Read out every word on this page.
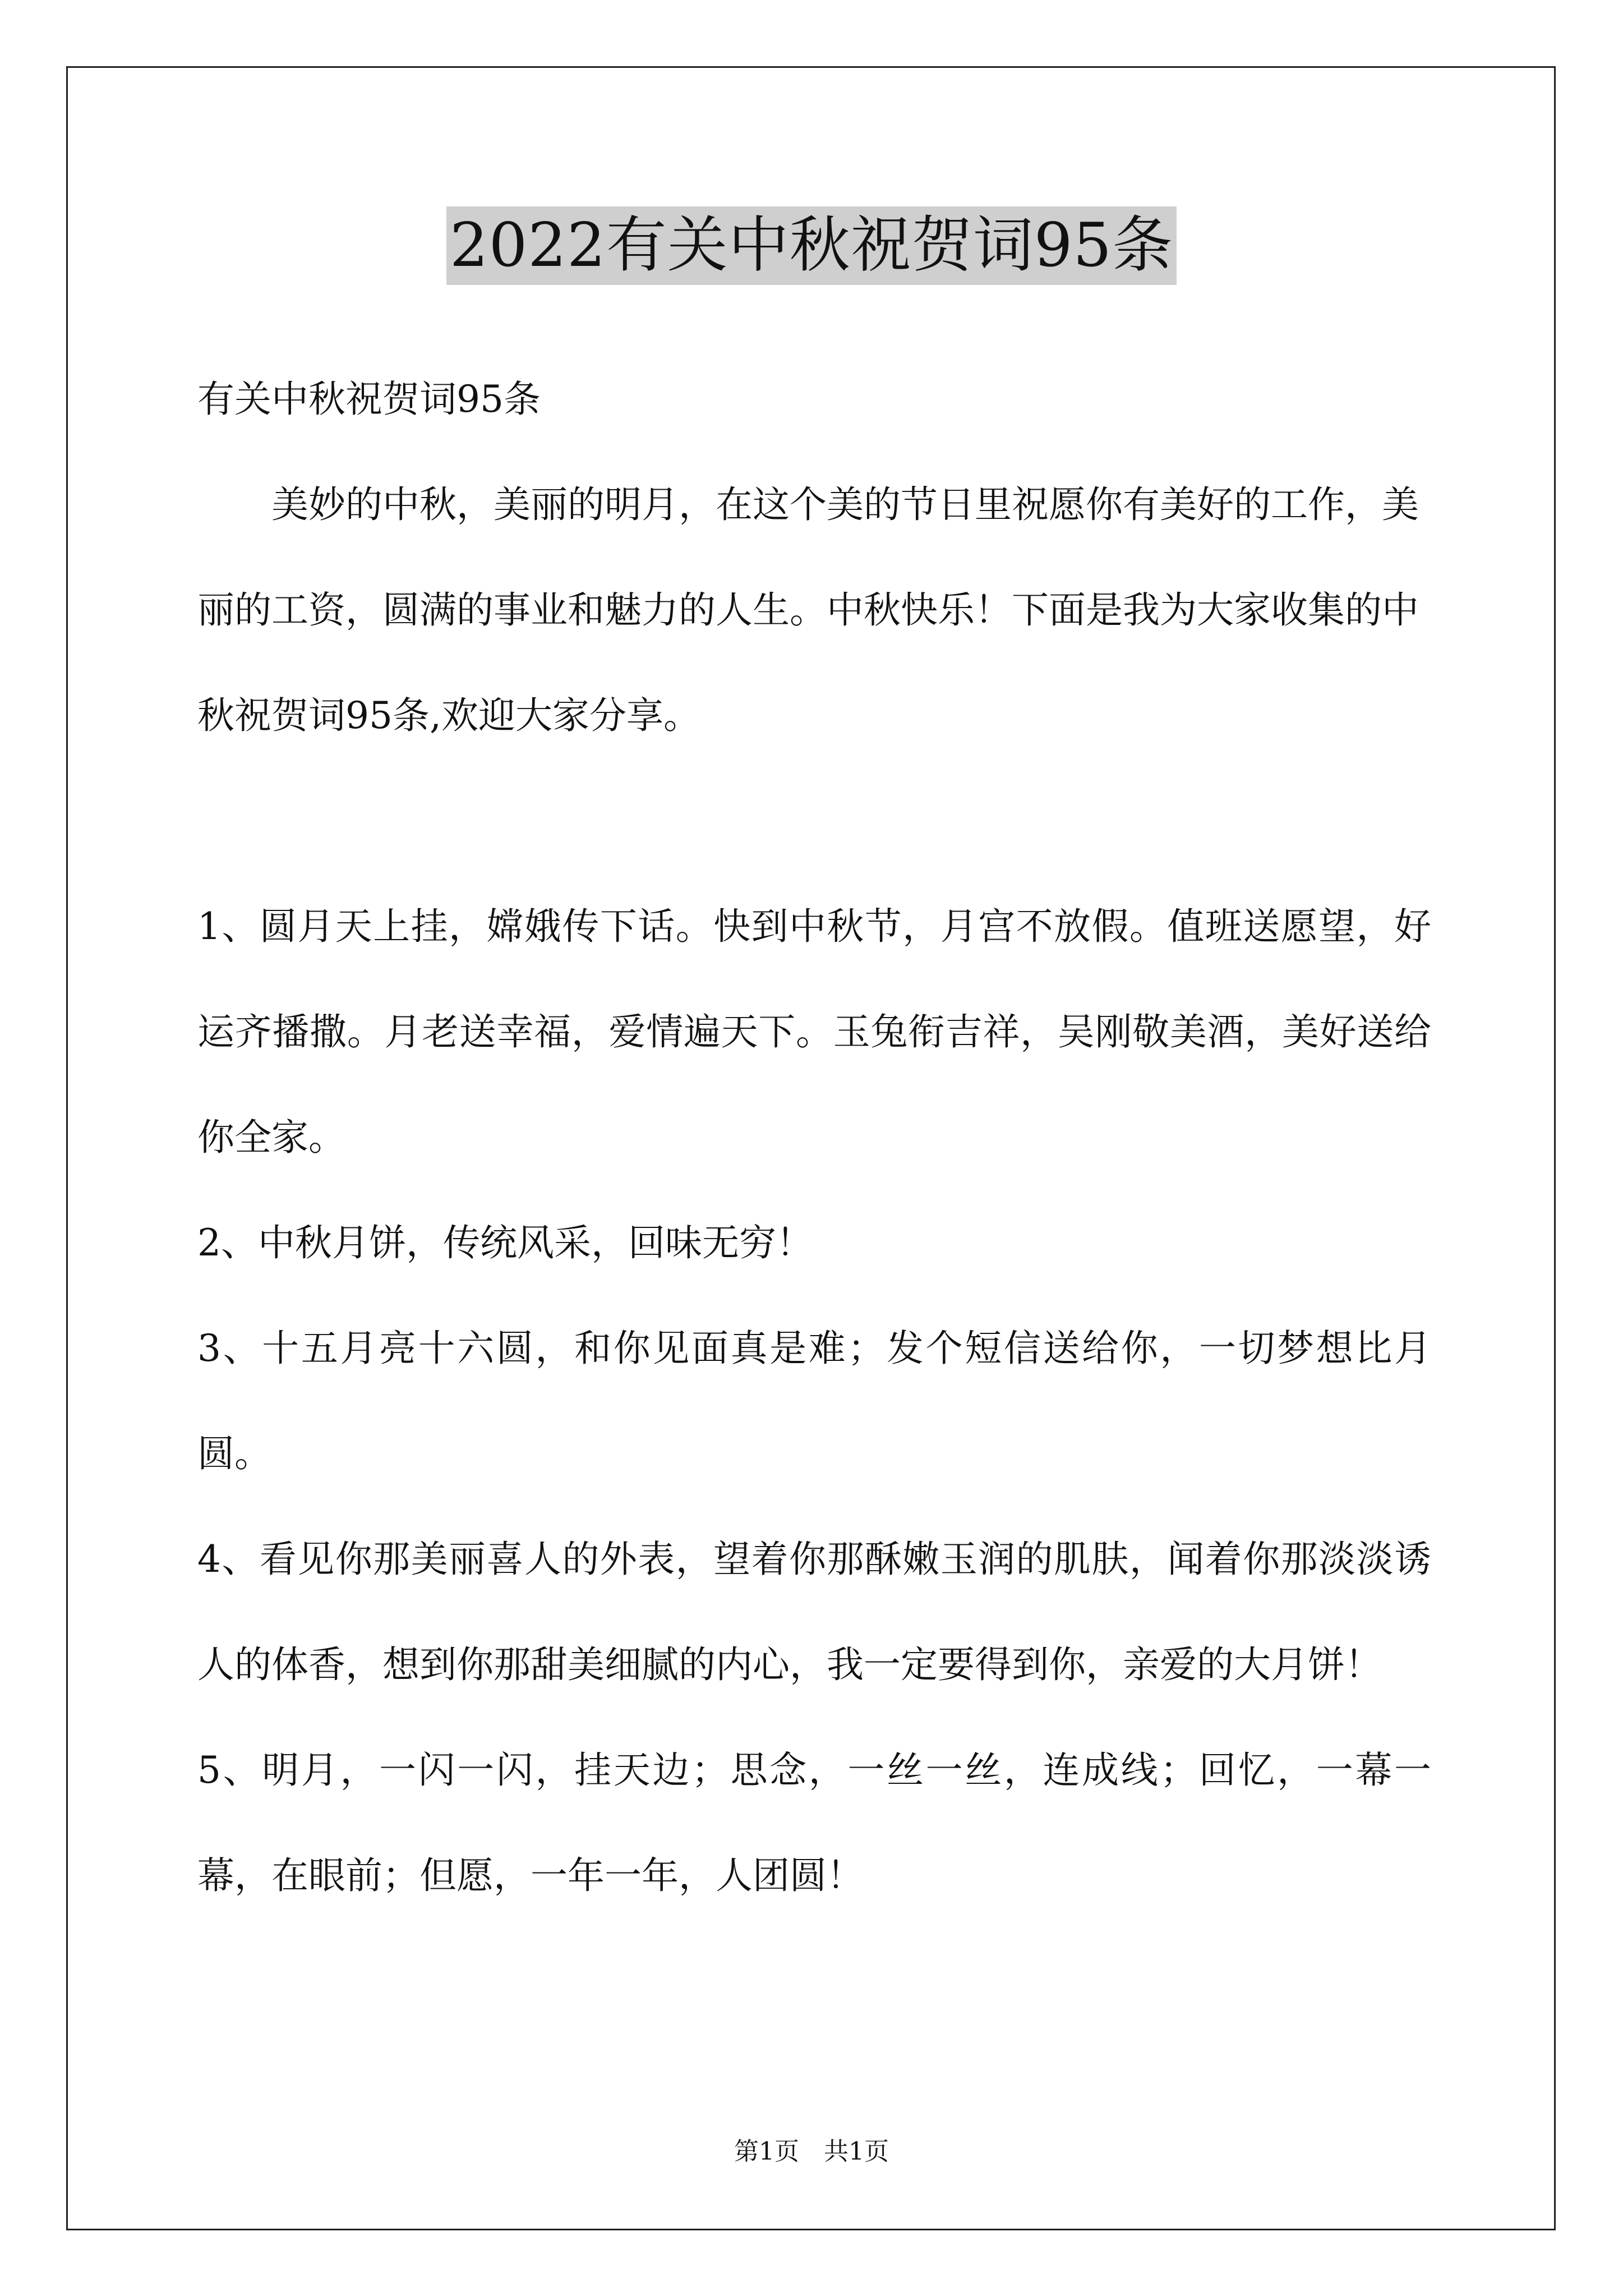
2022有关中秋祝贺词95条

有关中秋祝贺词95条

美妙的中秋，美丽的明月，在这个美的节日里祝愿你有美好的工作，美丽的工资，圆满的事业和魅力的人生。中秋快乐！下面是我为大家收集的中秋祝贺词95条,欢迎大家分享。

1、圆月天上挂，嫦娥传下话。快到中秋节，月宫不放假。值班送愿望，好运齐播撒。月老送幸福，爱情遍天下。玉兔衔吉祥，吴刚敬美酒，美好送给你全家。

2、中秋月饼，传统风采，回味无穷！

3、十五月亮十六圆，和你见面真是难；发个短信送给你，一切梦想比月圆。

4、看见你那美丽喜人的外表，望着你那酥嫩玉润的肌肤，闻着你那淡淡诱人的体香，想到你那甜美细腻的内心，我一定要得到你，亲爱的大月饼！

5、明月，一闪一闪，挂天边；思念，一丝一丝，连成线；回忆，一幕一幕，在眼前；但愿，一年一年，人团圆！

第1页 共1页
